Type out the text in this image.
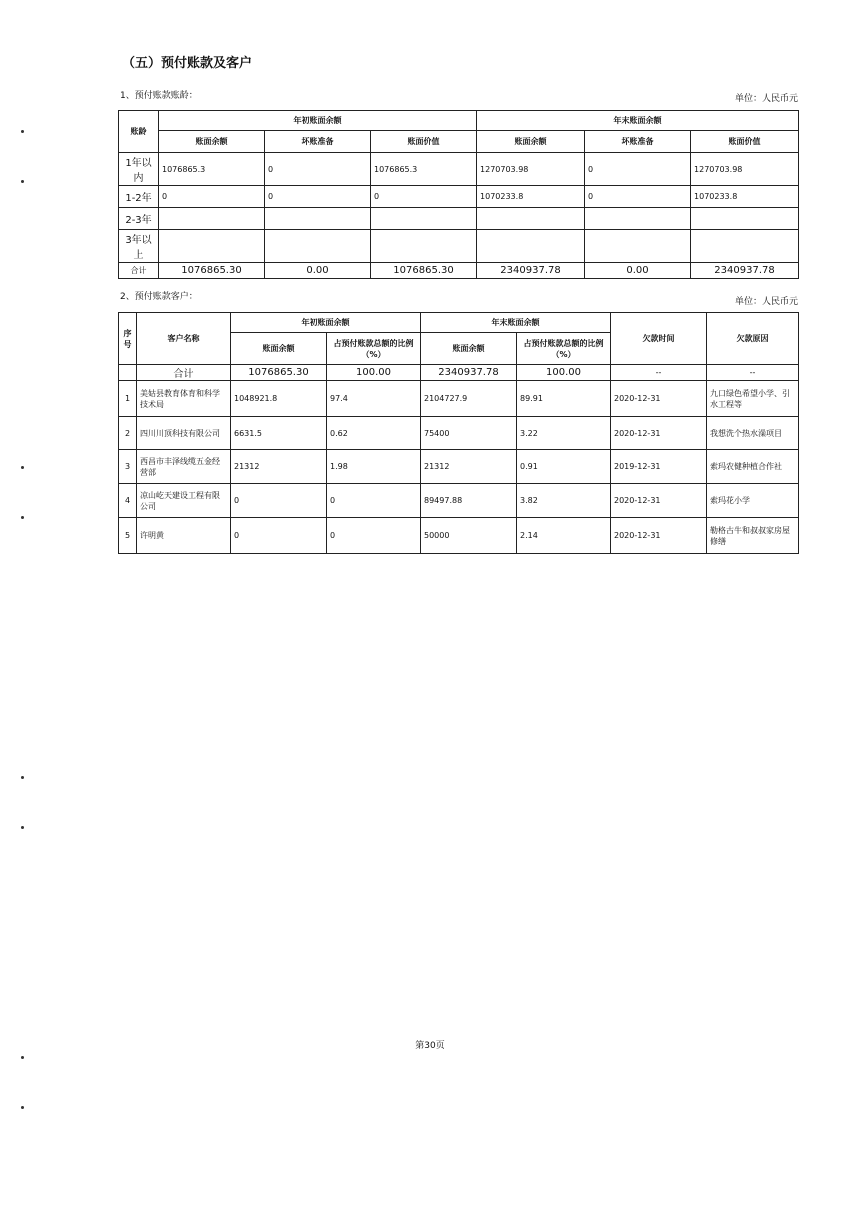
（五）预付账款及客户
1、预付账款账龄：	单位：人民币元
账龄	年初账面余额			年末账面余额		
	账面余额	坏账准备	账面价值	账面余额	坏账准备	账面价值
1年以内	1076865.3	0	1076865.3	1270703.98	0	1270703.98
1-2年	0	0	0	1070233.8	0	1070233.8
2-3年						
3年以上						
合计	1076865.30	0.00	1076865.30	2340937.78	0.00	2340937.78
2、预付账款客户：	单位：人民币元
序号	客户名称	年初账面余额		年末账面余额		欠款时间	欠款原因
		账面余额	占预付账款总额的比例（%）	账面余额	占预付账款总额的比例（%）		
	合计	1076865.30	100.00	2340937.78	100.00	--	--
1	美姑县教育体育和科学技术局	1048921.8	97.4	2104727.9	89.91	2020-12-31	九口绿色希望小学、引水工程等
2	四川川顶科技有限公司	6631.5	0.62	75400	3.22	2020-12-31	我想洗个热水澡项目
3	西昌市丰泽线缆五金经营部	21312	1.98	21312	0.91	2019-12-31	索玛农健种植合作社
4	凉山屹天建设工程有限公司	0	0	89497.88	3.82	2020-12-31	索玛花小学
5	许明黄	0	0	50000	2.14	2020-12-31	勒格古牛和叔叔家房屋修缮
第30页
